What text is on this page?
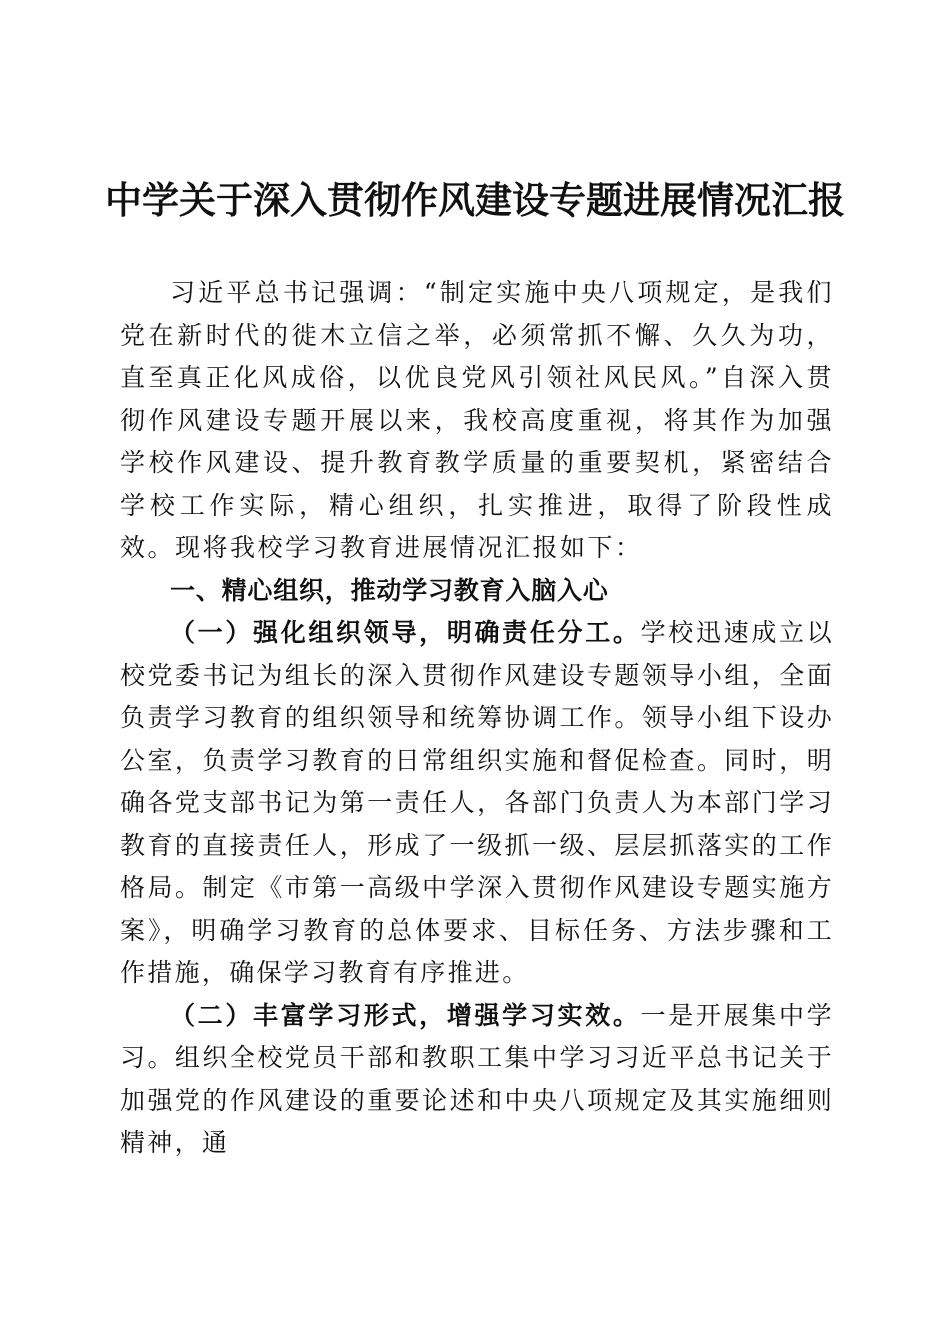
中学关于深入贯彻作风建设专题进展情况汇报

习近平总书记强调：“制定实施中央八项规定，是我们党在新时代的徙木立信之举，必须常抓不懈、久久为功，直至真正化风成俗，以优良党风引领社风民风。”自深入贯彻作风建设专题开展以来，我校高度重视，将其作为加强学校作风建设、提升教育教学质量的重要契机，紧密结合学校工作实际，精心组织，扎实推进，取得了阶段性成效。现将我校学习教育进展情况汇报如下：

一、精心组织，推动学习教育入脑入心

（一）强化组织领导，明确责任分工。学校迅速成立以校党委书记为组长的深入贯彻作风建设专题领导小组，全面负责学习教育的组织领导和统筹协调工作。领导小组下设办公室，负责学习教育的日常组织实施和督促检查。同时，明确各党支部书记为第一责任人，各部门负责人为本部门学习教育的直接责任人，形成了一级抓一级、层层抓落实的工作格局。制定《市第一高级中学深入贯彻作风建设专题实施方案》，明确学习教育的总体要求、目标任务、方法步骤和工作措施，确保学习教育有序推进。

（二）丰富学习形式，增强学习实效。一是开展集中学习。组织全校党员干部和教职工集中学习习近平总书记关于加强党的作风建设的重要论述和中央八项规定及其实施细则精神，通
